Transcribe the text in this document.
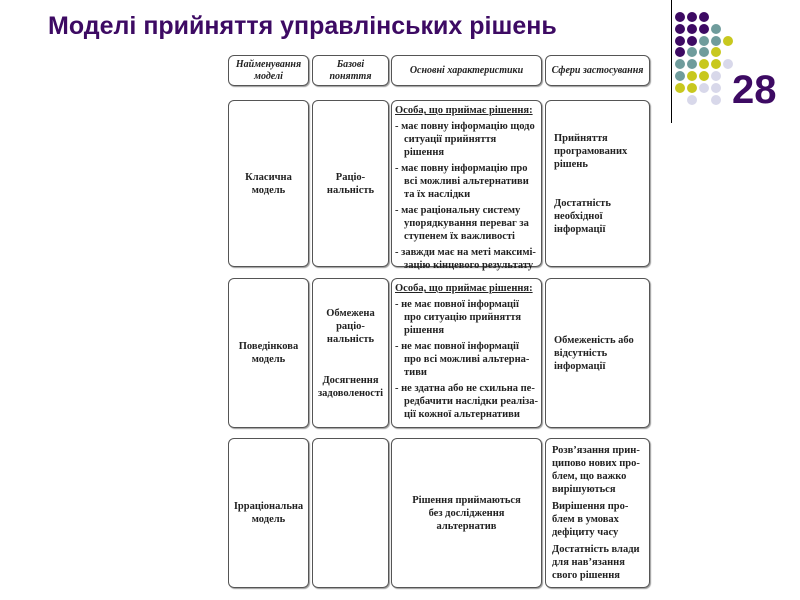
Моделі прийняття управлінських рішень
28
Найменування моделі
Базові поняття
Основні характеристики	Сфери застосування
Класична модель
Раціо-нальність
Особа, що приймає рішення:
- має повну інформацію щодо ситуації прийняття рішення
- має повну інформацію про всі можливі альтернативи та їх наслідки
- має раціональну систему упорядкування переваг за ступенем їх важливості
- завжди має на меті максимі-зацію кінцевого результату
Прийняття програмованих рішень
Достатність необхідної інформації
Поведінкова модель
Обмежена раціо-нальність
Досягнення задоволеності
Особа, що приймає рішення:
- не має повної інформації про ситуацію прийняття рішення
- не має повної інформації про всі можливі альтерна-тиви
- не здатна або не схильна пе-редбачити наслідки реаліза-ції кожної альтернативи
Обмеженість або відсутність інформації
Ірраціональна модель
Рішення приймаються без дослідження альтернатив
Розв’язання прин-ципово нових про-блем, що важко вирішуються
Вирішення про-блем в умовах дефіциту часу
Достатність влади для нав’язання свого рішення
